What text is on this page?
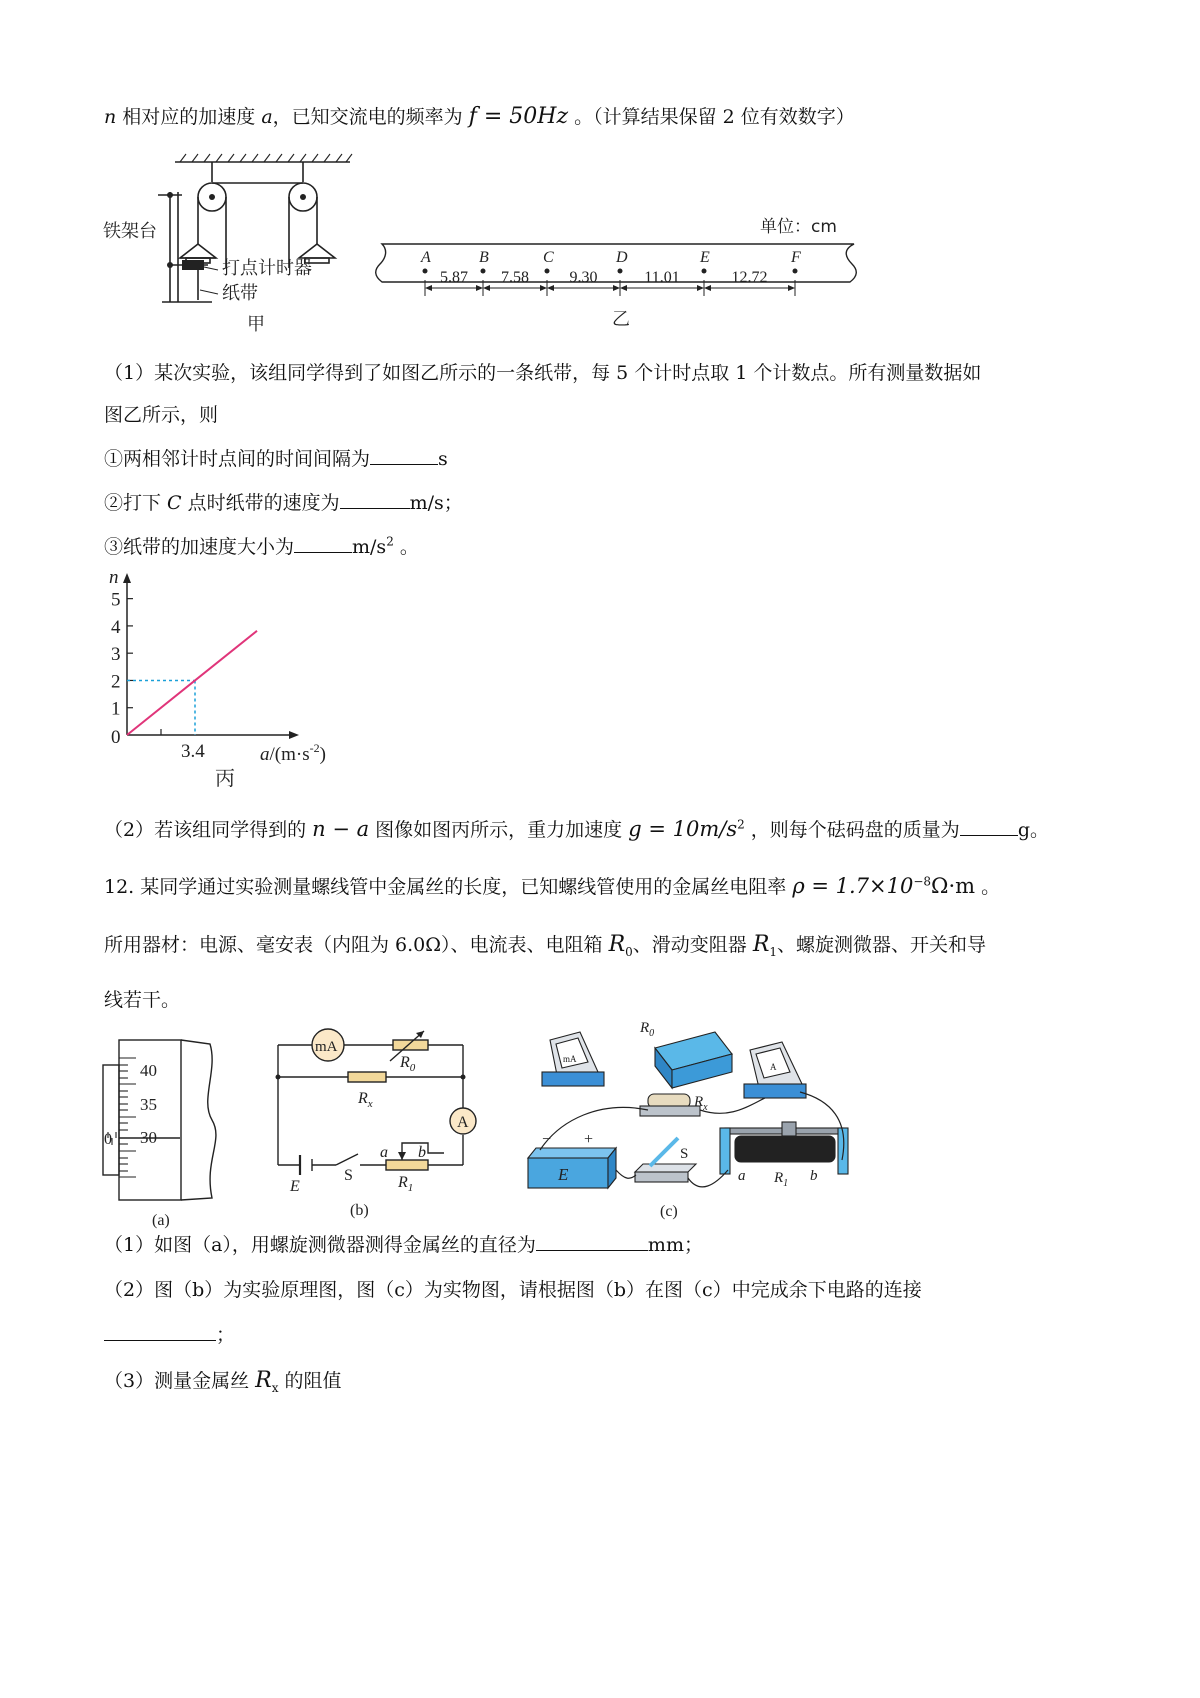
n 相对应的加速度 a，已知交流电的频率为 f = 50Hz 。（计算结果保留 2 位有效数字）
铁架台
打点计时器
纸带
甲
A	B	C	D	E	F
5.87 7.58	9.30	11.01	12.72
单位：cm
乙
（1）某次实验，该组同学得到了如图乙所示的一条纸带，每 5 个计时点取 1 个计数点。所有测量数据如
图乙所示，则
①两相邻计时点间的时间间隔为	s
②打下 C 点时纸带的速度为	m/s；
③纸带的加速度大小为	$m/s^2$ 。
1
2
3
4
5
0
n
3.4	$a/(m\cdot s^{-2})$
丙
（2）若该组同学得到的 n − a 图像如图丙所示，重力加速度 $g = 10m/s^2$ ，则每个砝码盘的质量为	g。
12. 某同学通过实验测量螺线管中金属丝的长度，已知螺线管使用的金属丝电阻率 $\rho = 1.7\times 10^{-8}\Omega\cdot m$ 。
所用器材：电源、毫安表（内阻为 6.0Ω）、电流表、电阻箱 $R_0$、滑动变阻器 $R_1$、螺旋测微器、开关和导
线若干。
40
35
30
0
(a)
mA
A
$R_0$
$R_x$
$R_1$
a b
S
E
(b)
$R_0$
$R_x$
mA
A
− +
E
S
a $R_1$ b
(c)
（1）如图（a），用螺旋测微器测得金属丝的直径为	mm；
（2）图（b）为实验原理图，图（c）为实物图，请根据图（b）在图（c）中完成余下电路的连接
；
（3）测量金属丝 $R_x$ 的阻值
